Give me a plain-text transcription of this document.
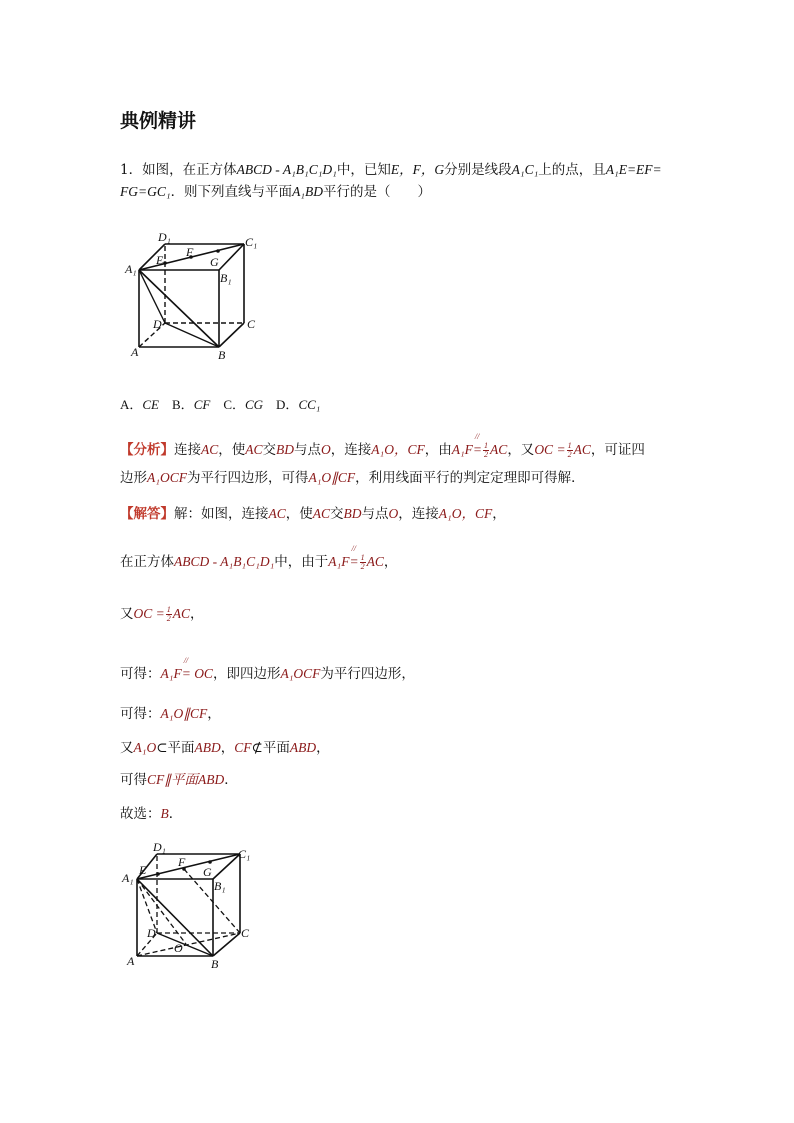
典例精讲
1．如图，在正方体ABCD - A₁B₁C₁D₁中，已知E，F，G分别是线段A₁C₁上的点，且A₁E=EF=
FG=GC₁．则下列直线与平面A₁BD平行的是（　　）
D₁	C₁
A₁
B₁
E
F
G
D	C
A	B
A．CE B．CF C．CG D．CC₁
【分析】连接AC，使AC交BD与点O，连接A₁O，CF，由A₁F
//
= $\frac{1}{2}$ AC，又OC = $\frac{1}{2}$ AC，可证四
边形A₁OCF为平行四边形，可得A₁O∥CF，利用线面平行的判定定理即可得解．
【解答】解：如图，连接AC，使AC交BD与点O，连接A₁O，CF，
在正方体ABCD - A₁B₁C₁D₁中，由于A₁F
//
= $\frac{1}{2}$ AC，
又OC = $\frac{1}{2}$ AC，
可得：A₁F
//
= OC，即四边形A₁OCF为平行四边形，
可得：A₁O∥CF，
又A₁O⊂平面ABD，CF⊄平面ABD，
可得CF∥平面ABD．
故选：B．
D₁	C₁
A₁
B₁
E
F
G
D	C
O
A	B
